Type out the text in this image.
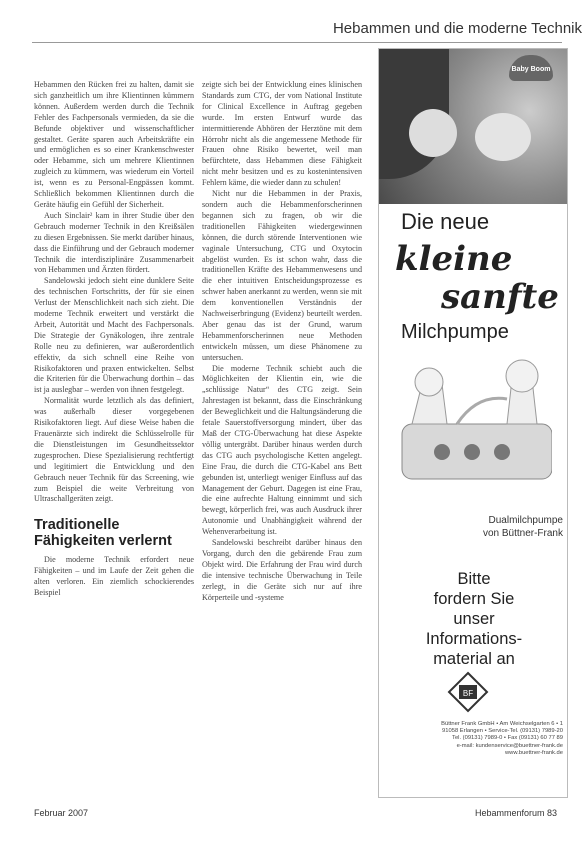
Hebammen und die moderne Technik

Hebammen den Rücken frei zu halten, damit sie sich ganzheitlich um ihre Klientinnen kümmern können. Außerdem werden durch die Technik Fehler des Fachpersonals vermieden, da sie die Befunde objektiver und wissenschaftlicher gestaltet. Geräte sparen auch Arbeitskräfte ein und ermöglichen es so einer Krankenschwester oder Hebamme, sich um mehrere Klientinnen zugleich zu kümmern, was wiederum ein Vorteil ist, wenn es zu Personal-Engpässen kommt. Schließlich bekommen Klientinnen durch die Geräte häufig ein Gefühl der Sicherheit.

Auch Sinclair² kam in ihrer Studie über den Gebrauch moderner Technik in den Kreißsälen zu diesen Ergebnissen. Sie merkt darüber hinaus, dass die Einführung und der Gebrauch moderner Technik die interdisziplinäre Zusammenarbeit von Hebammen und Ärzten fördert.

Sandelowski jedoch sieht eine dunklere Seite des technischen Fortschritts, der für sie einen Verlust der Menschlichkeit nach sich zieht. Die moderne Technik erweitert und verstärkt die Arbeit, Autorität und Macht des Fachpersonals. Die Strategie der Gynäkologen, ihre zentrale Rolle neu zu definieren, war außerordentlich effektiv, da sich schnell eine Reihe von Risikofaktoren und praxen entwickelten. Selbst die Kriterien für die Überwachung dorthin – das ist ja auslegbar – werden von ihnen festgelegt.

Normalität wurde letztlich als das definiert, was außerhalb dieser vorgegebenen Risikofaktoren liegt. Auf diese Weise haben die Frauenärzte sich indirekt die Schlüsselrolle für die Dienstleistungen im Gesundheitssektor zugesprochen. Diese Spezialisierung rechtfertigt und legitimiert die Entwicklung und den Gebrauch neuer Technik für das Screening, wie zum Beispiel die weite Verbreitung von Ultraschallgeräten zeigt.

Traditionelle Fähigkeiten verlernt

Die moderne Technik erfordert neue Fähigkeiten – und im Laufe der Zeit gehen die alten verloren. Ein ziemlich schockierendes Beispiel

zeigte sich bei der Entwicklung eines klinischen Standards zum CTG, der vom National Institute for Clinical Excellence in Auftrag gegeben wurde. Im ersten Entwurf wurde das intermittierende Abhören der Herztöne mit dem Hörrohr nicht als die angemessene Methode für Frauen ohne Risiko bewertet, weil man befürchtete, dass Hebammen diese Fähigkeit nicht mehr besitzen und es zu kostenintensiven Fehlern käme, die wieder dann zu schulen!

Nicht nur die Hebammen in der Praxis, sondern auch die Hebammenforscherinnen begannen sich zu fragen, ob wir die traditionellen Fähigkeiten wiedergewinnen können, die durch störende Interventionen wie vaginale Untersuchung, CTG und Oxytocin abgelöst wurden. Es ist schon wahr, dass die traditionellen Kräfte des Hebammenwesens und die eher intuitiven Entscheidungsprozesse es schwer haben anerkannt zu werden, wenn sie mit dem konventionellen Verständnis der Nachweiserbringung (Evidenz) beurteilt werden. Aber genau das ist der Grund, warum Hebammenforscherinnen neue Methoden entwickeln müssen, um diese Phänomene zu untersuchen.

Die moderne Technik schiebt auch die Möglichkeiten der Klientin ein, wie die „schlüssige Natur“ des CTG zeigt. Sein Jahrestagen ist bekannt, dass die Einschränkung der Beweglichkeit und die Haltungsänderung die fetale Sauerstoffversorgung mindert, über das Maß der CTG-Überwachung hat diese Aspekte völlig untergräbt. Darüber hinaus werden durch das CTG auch psychologische Ketten angelegt. Eine Frau, die durch die CTG-Kabel ans Bett gebunden ist, unterliegt weniger Einfluss auf das Management der Geburt. Dagegen ist eine Frau, die eine aufrechte Haltung einnimmt und sich bewegt, körperlich frei, was auch Ausdruck ihrer Autonomie und Unabhängigkeit während der Wehenverarbeitung ist.

Sandelowski beschreibt darüber hinaus den Vorgang, durch den die gebärende Frau zum Objekt wird. Die Erfahrung der Frau wird durch die intensive technische Überwachung in Teile zerlegt, in die Geräte sich nur auf ihre Körperteile und -systeme

Baby Boom
Die neue
kleine
sanfte
Milchpumpe
Dualmilchpumpe
von Büttner-Frank
Bitte
fordern Sie
unser
Informations-
material an
BF
Büttner Frank GmbH • Am Weichselgarten 6 • 1
91058 Erlangen • Service-Tel. (09131) 7989-20
Tel. (09131) 7989-0 • Fax (09131) 60 77 89
e-mail: kundenservice@buettner-frank.de
www.buettner-frank.de
Februar 2007	Hebammenforum 83
